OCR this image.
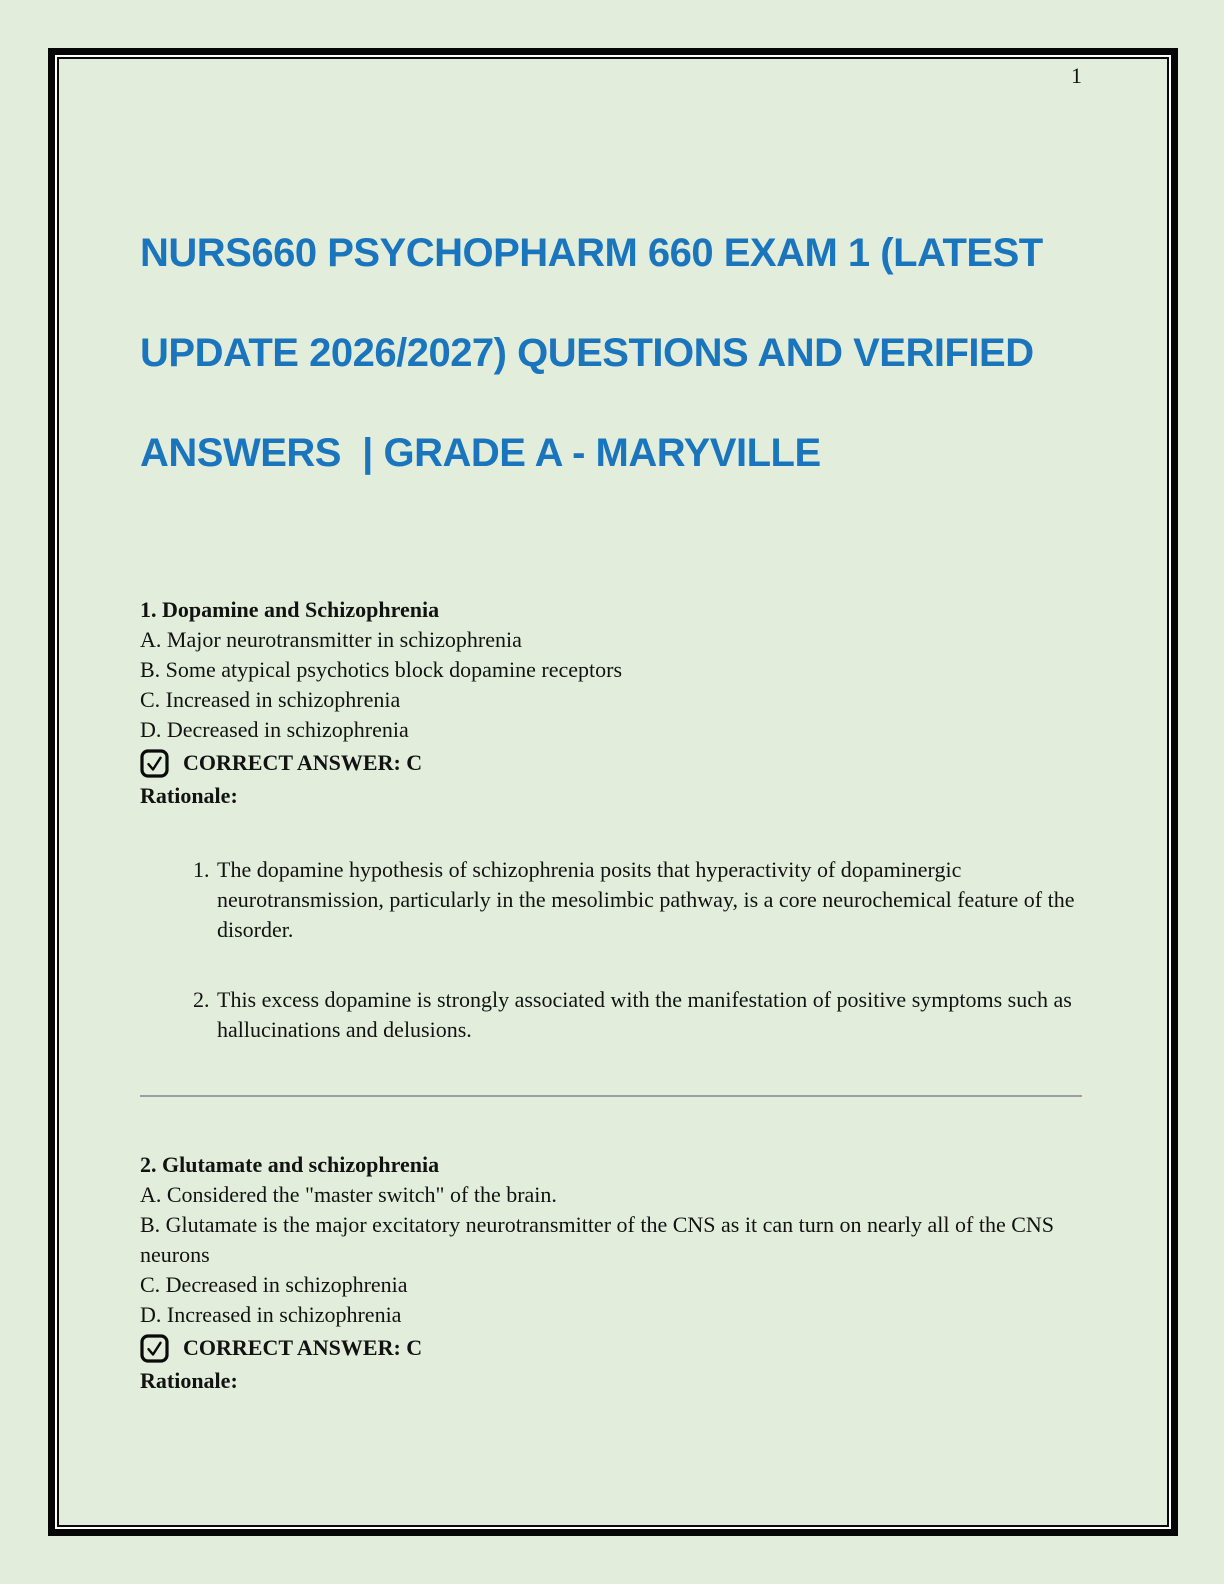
1
NURS660 PSYCHOPHARM 660 EXAM 1 (LATEST
UPDATE 2026/2027) QUESTIONS AND VERIFIED
ANSWERS  | GRADE A - MARYVILLE

1. Dopamine and Schizophrenia

A. Major neurotransmitter in schizophrenia

B. Some atypical psychotics block dopamine receptors

C. Increased in schizophrenia

D. Decreased in schizophrenia

CORRECT ANSWER: C

Rationale:

1. The dopamine hypothesis of schizophrenia posits that hyperactivity of dopaminergic neurotransmission, particularly in the mesolimbic pathway, is a core neurochemical feature of the disorder.
2. This excess dopamine is strongly associated with the manifestation of positive symptoms such as hallucinations and delusions.

2. Glutamate and schizophrenia

A. Considered the "master switch" of the brain.

B. Glutamate is the major excitatory neurotransmitter of the CNS as it can turn on nearly all of the CNS neurons

C. Decreased in schizophrenia

D. Increased in schizophrenia

CORRECT ANSWER: C

Rationale:
